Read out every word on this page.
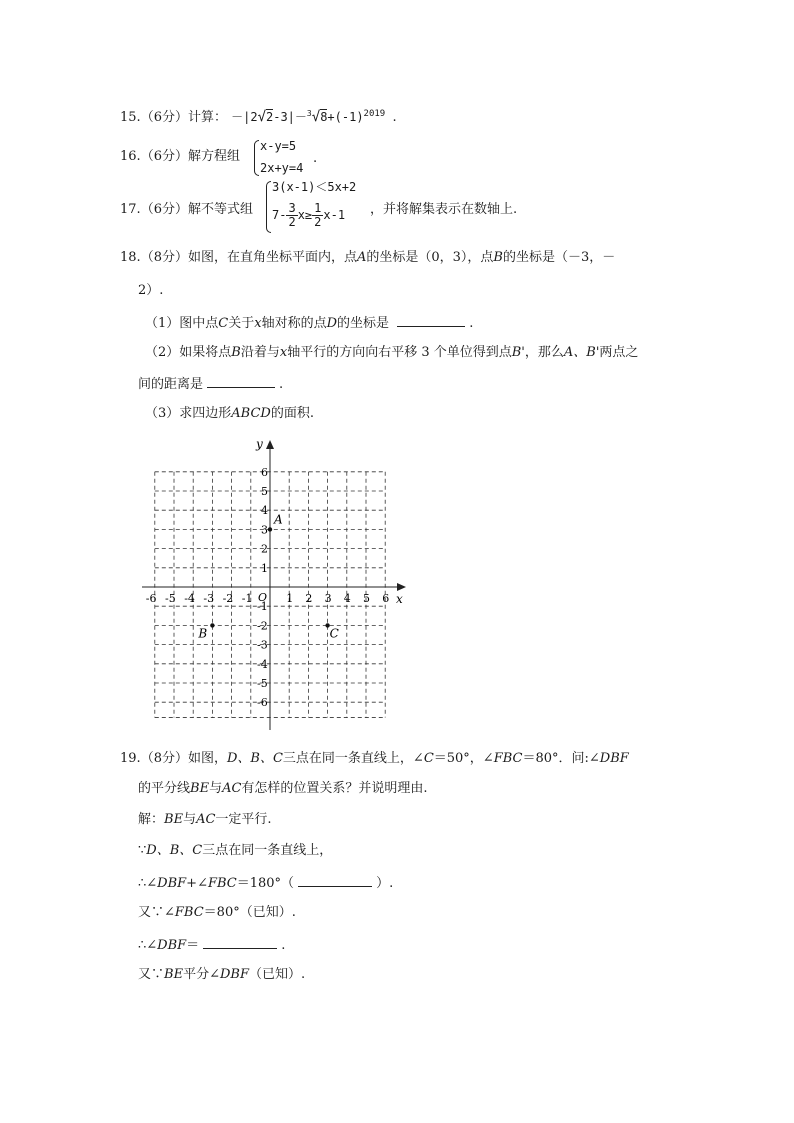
15.（6分）计算： $-|2√2-3|-^3√8+(-1)^{2019}$ .
16.（6分）解方程组
x-y=5
2x+y=4
.
17.（6分）解不等式组
3(x-1)＜5x+2
$7- \frac{3}{2} x\ge \frac{1}{2} x-1$ ，并将解集表示在数轴上.
18.（8分）如图，在直角坐标平面内，点A的坐标是（0，3），点B的坐标是（－3，－
2）.
（1）图中点C关于x轴对称的点D的坐标是	.
（2）如果将点B沿着与x轴平行的方向向右平移 3 个单位得到点B'，那么A、B'两点之
间的距离是	.
（3）求四边形ABCD的面积.
x
y
O
-6 -5 -4 -3 -2 -1	1 2 3 4 5 6
6
5
4
3
2
1
-1
-2
-3
-4
-5
-6
A
B	C
19.（8分）如图，D、B、C三点在同一条直线上，∠C＝50°，∠FBC＝80°．问:∠DBF
的平分线BE与AC有怎样的位置关系？并说明理由.
解：BE与AC一定平行.
∵D、B、C三点在同一条直线上，
∴∠DBF+∠FBC＝180°（	）.
又∵∠FBC＝80°（已知）.
∴∠DBF＝	.
又∵BE平分∠DBF（已知）.
